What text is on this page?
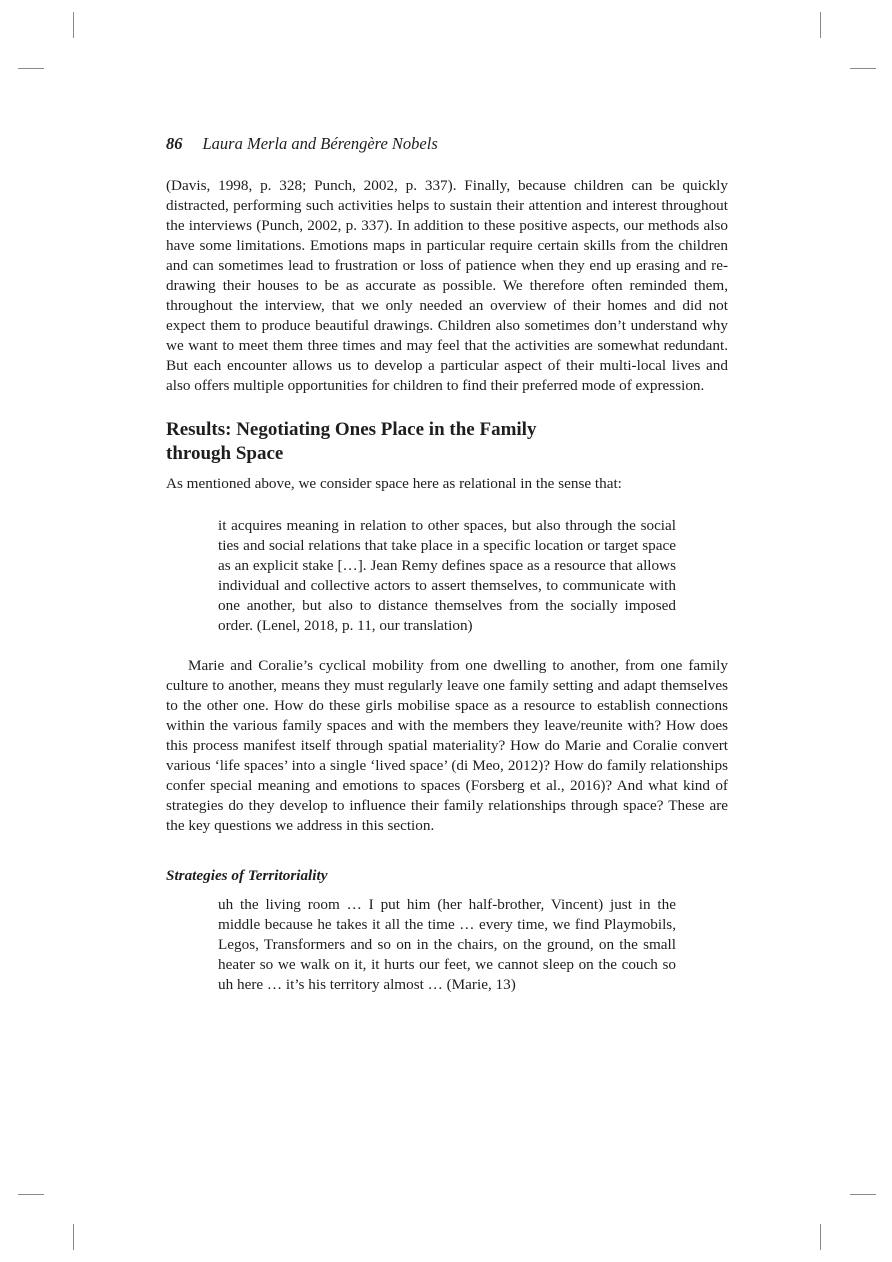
86 Laura Merla and Bérengère Nobels

(Davis, 1998, p. 328; Punch, 2002, p. 337). Finally, because children can be quickly distracted, performing such activities helps to sustain their attention and interest throughout the interviews (Punch, 2002, p. 337). In addition to these positive aspects, our methods also have some limitations. Emotions maps in particular require certain skills from the children and can sometimes lead to frustration or loss of patience when they end up erasing and re-drawing their houses to be as accurate as possible. We therefore often reminded them, throughout the interview, that we only needed an overview of their homes and did not expect them to produce beautiful drawings. Children also sometimes don’t understand why we want to meet them three times and may feel that the activities are somewhat redundant. But each encounter allows us to develop a particular aspect of their multi-local lives and also offers multiple opportunities for children to find their preferred mode of expression.

Results: Negotiating Ones Place in the Family through Space

As mentioned above, we consider space here as relational in the sense that:

it acquires meaning in relation to other spaces, but also through the social ties and social relations that take place in a specific location or target space as an explicit stake […]. Jean Remy defines space as a resource that allows individual and collective actors to assert themselves, to communicate with one another, but also to distance themselves from the socially imposed order. (Lenel, 2018, p. 11, our translation)

Marie and Coralie’s cyclical mobility from one dwelling to another, from one family culture to another, means they must regularly leave one family setting and adapt themselves to the other one. How do these girls mobilise space as a resource to establish connections within the various family spaces and with the members they leave/reunite with? How does this process manifest itself through spatial materiality? How do Marie and Coralie convert various ‘life spaces’ into a single ‘lived space’ (di Meo, 2012)? How do family relationships confer special meaning and emotions to spaces (Forsberg et al., 2016)? And what kind of strategies do they develop to influence their family relationships through space? These are the key questions we address in this section.

Strategies of Territoriality

uh the living room … I put him (her half-brother, Vincent) just in the middle because he takes it all the time … every time, we find Playmobils, Legos, Transformers and so on in the chairs, on the ground, on the small heater so we walk on it, it hurts our feet, we cannot sleep on the couch so uh here … it’s his territory almost … (Marie, 13)
